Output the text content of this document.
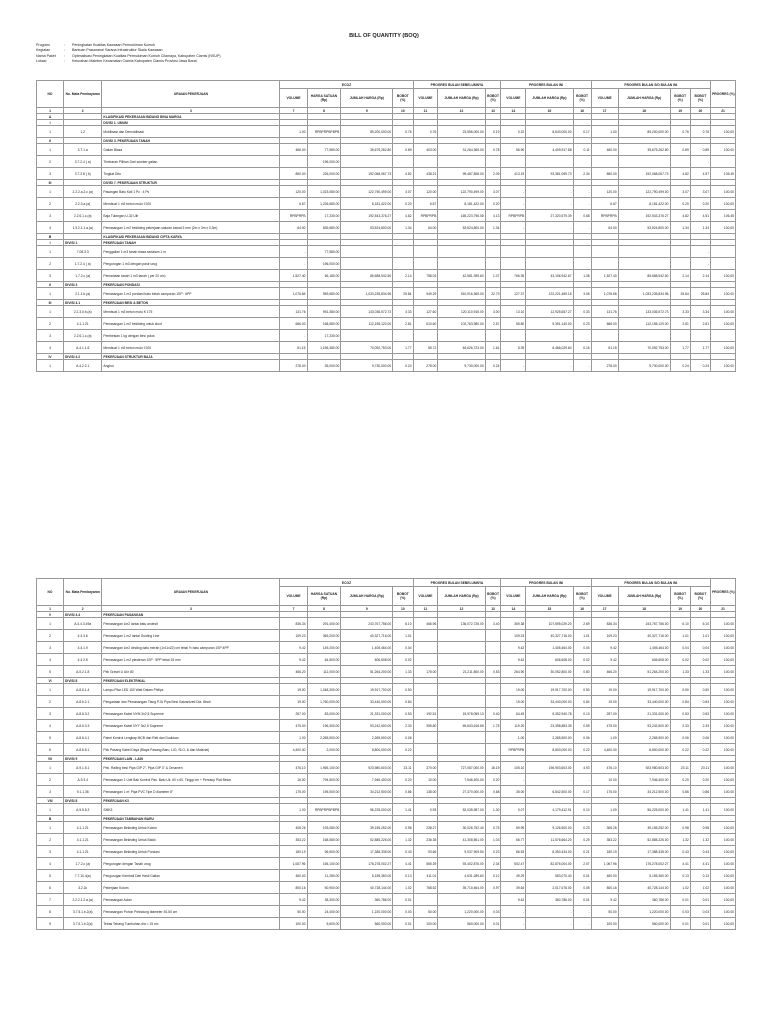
BILL OF QUANTITY (BOQ)
Program	:	Peningkatan Kualitas Kawasan Permukiman Kumuh
Kegiatan	:	Bantuan Prasarana/ Sarana Infrastruktur Skala Kawasan
Nama Paket	:	Optimalisasi Peningkatan Kualitas Permukiman Kumuh Cilamaya, Kabupaten Ciamis (NSUP)
Lokasi	:	Kelurahan Maleber Kecamatan Ciamis Kabupaten Ciamis Provinsi Jawa Barat
NO	No. Mata Pembayaran	URAIAN PEKERJAAN	ECOZ				PROGRES BULAN SEBELUMNYA			PROGRES BULAN INI			PROGRES BULAN S/D BULAN INI				PROGRES (%)
			VOLUME	HARGA SATUAN (Rp)	JUMLAH HARGA (Rp)	BOBOT (%)	VOLUME	JUMLAH HARGA (Rp)	BOBOT (%)	VOLUME	JUMLAH HARGA (Rp)	BOBOT (%)	VOLUME	JUMLAH HARGA (Rp)	BOBOT (%)	BOBOT (%)	
1	2	3	7	8	9	10	11	12	13	14	15	16	17	18	19	20	21
A		KLASIFIKASI PEKERJAAN BIDANG BINA MARGA															
I		DIVISI 1. UMUM															
1	1.2	Mobilisasi dan Demobilisasi	1.00	RPBPRPBPBPB	85,200,000.00	0.76	0.76	23,556,000.00	0.19	0.22	8,643,000.00	0.17	1.00	85,200,000.00	0.76	0.76	100.00
II		DIVISI 3. PEKERJAAN TANAH															
1	3.7.1.a	Galian Biasa	466.00	77,580.00	35,675,262.80	0.89	403.00	31,264,365.00	0.78	56.90	4,409,917.88	0.11	460.00	35,675,262.80	0.89	0.89	100.00
2	3.7.2.4 ( a)	Timbunan Pilihan Dari sumber galian		196,000.00												-	
3	3.7.2.8 ( b)	Tingkat Ditu	850.00	226,000.00	192,068,067.73	4.82	438.21	99,487,808.00	2.09	413.19	93,381,059.73	2.34	850.00	192,068,067.73	4.82	4.57	105.49
III		DIVISI 7. PEKERJAAN STRUKTUR															
1	2.2.2.a.2.c.(a)	Pasangan Batu Kali 1 Pc : 4 Ps	120.00	1,023,080.00	122,790,499.00	3.07	120.00	122,790,499.00	3.07	-	-	-	120.00	122,790,499.00	3.07	3.07	100.00
2	2.2.3.a.(a)	Membuat 1 m3 beton mutu f 200	6.67	1,226,680.00	8,181,422.00	0.20	6.67	8,181,422.00	0.20	-	-	-	6.67	8,181,422.00	0.20	0.20	100.00
3	2.2.6.1.c.(a)	Baja Tulangan U-32 Ulir	RPBPRPB	17,330.00	192,543,376.27	4.82	RPBPRPB	165,223,796.08	4.13	RPBPRPB	27,320,579.39	0.68	RPBPRPB	192,543,376.27	4.82	4.51	106.45
4	1.3.2.1.1.a.(a)	Pemasangan 1 m2 bekisting pekerjaan saluran kawat 3 mm (2m x 3m x 0,3m)	64.00	839,680.00	53,524,800.00	1.34	64.00	53,524,800.00	1.34	-	-	-	64.00	53,524,800.00	1.34	1.34	100.00
B		KLASIFIKASI PEKERJAAN BIDANG CIPTA KARYA															
I	DIVISI 1	PEKERJAAN TANAH															
1	7.08.3.3	Penggalian 1 m3 tanah biasa sedalam 1 m	-	77,580.00												-	
2	1.7.2.4 ( a)	Pengurugan 1 m3 dengan pasir urug	-	196,000.00												-	
3	1.7.2.c (a)	Pemadatan tanah 1 m3 tanah ( per 20 cm)	1,527.40	56,180.00	85,688,542.50	2.14	758.03	42,581,399.60	1.07	766.35	43,106,942.67	1.08	1,527.40	85,688,542.50	2.14	2.14	100.00
II	DIVISI 3	PEKERJAAN PONDASI															
1	2.1.1.b.(a)	Pemasangan 1 m3 pondasi batu belah campuran 1SP : 6PP	1,076.66	959,680.00	1,033,235,834.96	25.84	949.29	910,916,365.00	22.79	127.37	122,221,469.16	3.06	1,076.66	1,033,235,834.96	25.84	25.84	100.00
III	DIVISI 4.1	PEKERJAAN BESI & BETON															
1	2.2.3.0.b.(a)	Membuat 1 m3 beton mutu K 175	131.76	991,380.00	133,036,572.73	3.33	127.60	120,110,915.00	3.00	13.10	12,925,657.27	0.33	131.76	133,036,572.73	3.33	3.34	100.00
2	4.1.1.21	Pemasangan 1 m2 bekisting untuk sloof	666.00	168,580.00	112,155,120.00	2.81	610.60	102,763,980.00	2.57	55.80	9,391,140.00	0.23	666.00	112,155,120.00	2.81	2.81	100.00
3	2.2.6.1.c.(a)	Pembesian 1 kg dengan besi polos	-	17,330.00													
4	A.4.1.1.6	Membuat 1 m3 beton mutu f 200	61.15	1,156,380.00	70,092,753.00	1.77	55.72	64,626,723.00	1.61	5.39	6,466,029.60	0.16	61.15	70,092,753.00	1.77	1.77	100.00
IV	DIVISI 4.2	PEKERJAAN STRUKTUR BAJA															
1	A.4.2.2.1	Angkur	278.00	35,000.00	9,730,000.00	0.24	278.00	9,730,000.00	0.24	-	-	-	278.00	9,730,000.00	0.24	0.24	100.00
NO	No. Mata Pembayaran	URAIAN PEKERJAAN	ECOZ				PROGRES BULAN SEBELUMNYA			PROGRES BULAN INI			PROGRES BULAN S/D BULAN INI				PROGRES (%)
			VOLUME	HARGA SATUAN (Rp)	JUMLAH HARGA (Rp)	BOBOT (%)	VOLUME	JUMLAH HARGA (Rp)	BOBOT (%)	VOLUME	JUMLAH HARGA (Rp)	BOBOT (%)	VOLUME	JUMLAH HARGA (Rp)	BOBOT (%)	BOBOT (%)	
1	2	3	7	8	9	10	11	12	13	14	15	16	17	18	19	20	21
V	DIVISI 4.4	PEKERJAAN PASANGAN															
1	A.4.4.3.49a	Pemasangan 1m2 lantai batu andesit	836.34	291,400.00	243,767,756.00	6.10	466.96	136,072,726.00	3.40	369.38	107,695,029.20	2.69	836.34	243,767,756.00	6.10	6.10	100.00
2	4.4.3.6	Pemasangan 1 m2 lantai Guiding Line	109.23	369,200.00	40,327,716.00	1.01				109.23	40,327,716.00	1.01	109.23	40,327,716.00	1.01	1.01	100.00
3	4.4.1.9	Pemasangan 1m2 dinding batu merah (1x11x22) cm tebal ½ batu campuran 1SP:4PP	9.42	149,200.00	1,405,464.00	0.04				9.42	1,405,464.00	0.04	9.42	1,405,464.00	0.04	0.04	100.00
4	4.4.2.5	Pemasangan 1 m2 plesteran 1SP : 5PP tebal 15 mm	9.42	64,500.00	606,608.00	0.02				9.42	606,608.00	0.02	9.42	606,608.00	0.02	0.02	100.00
5	A.5.2.1.8	Pek Gravel U Ukr 80	466.20	111,000.00	51,264,200.00	1.33	175.00	21,211,800.00	0.53	264.90	30,052,800.00	0.80	466.20	51,264,200.00	1.33	1.33	100.00
VI	DIVISI 8	PEKERJAAN ELEKTRIKAL															
1	A.8.6.1.4	Lampu Pilar LED 100 Watt Dalam Philips	19.00	1,048,300.00	19,917,700.00	0.50				19.00	19,917,700.00	0.50	19.00	19,917,700.00	0.50	0.50	100.00
2	A.8.6.2.1	Pengadaan dan Pemasangan Tiang PJU Pipa Besi Galvanized Dia. 8inch	19.00	1,760,000.00	33,440,000.00	0.84				19.00	33,440,000.00	0.84	19.00	33,440,000.00	0.84	0.84	100.00
3	A.8.6.3.2	Pemasangan Kabel NYM 3x2,5 Supreme	257.00	83,000.00	21,331,000.00	0.53	192.51	15,978,059.13	0.40	64.49	5,352,940.78	0.13	257.00	21,331,000.00	0.53	0.53	100.00
4	A.8.6.3.3	Pemasangan Kabel NYY 3x2,5 Supreme	475.00	196,300.00	93,242,500.00	2.33	355.80	69,843,616.65	1.75	119.20	23,398,883.35	0.59	475.00	93,242,500.00	2.33	2.33	100.00
5	A.8.6.4.1	Panel Kontrol Lengkap MCB dan Relt dan Dudukan	1.00	2,265,500.00	2,265,500.00	0.06				1.00	2,265,500.00	0.06	1.00	2,265,500.00	0.06	0.06	100.00
6	A.8.6.5.1	Pek Pasang Kabel Daya (Biaya Pasang Baru, LIO, SLO, & dan Material)	4,400.00	2,000.00	8,800,000.00	0.22				RPBPRPB	8,800,000.00	0.22	4,400.00	8,800,000.00	0.22	0.22	100.00
VII	DIVISI 9	PEKERJAAN LAIN - LAIN															
1	A.9.1.5.1	Pek. Railing besi Pipa GIP 2", Pipa GIP 3" & Ornamen	476.10	1,965,100.00	923,980,603.00	23.11	370.00	727,087,000.00	18.19	105.10	196,903,603.00	4.93	476.10	923,980,603.00	23.11	23.11	100.00
2	A.9.3.4	Pemasangan 1 Unit Bak Kontrol Pas. Batu Uk. 60 x 60, Tinggi cm + Penutup Plat Beton	16.00	794,500.00	7,946,400.00	0.20	10.00	7,946,400.00	0.20	-	-	-	10.00	7,946,400.00	0.20	0.20	100.00
3	9.1.1.36	Pemasangan 1 m' Pipa PVC Tipe D diameter 8"	175.00	195,500.00	34,212,500.00	0.86	138.00	27,370,000.00	0.68	35.00	6,842,500.00	0.17	175.00	34,212,500.00	0.86	0.86	100.00
VIII	DIVISI 8	PEKERJAAN K3															
1	A.9.5.5.3	SMK3	1.00	RPBPRPBPBPB	56,225,000.00	1.41	0.93	52,035,987.00	1.30	0.07	4,179,412.91	0.10	1.00	56,225,000.00	1.41	1.41	100.00
B		PEKERJAAN TAMBAHAN BARU															
1	4.1.1.21	Pemasangan Bekisting Untuk Kolom	408.26	193,080.00	39,155,252.00	0.98	238.27	30,026,752.40	0.75	69.99	9,126,500.00	0.23	308.26	39,155,252.00	0.98	0.98	100.00
2	4.1.1.21	Pemasangan Bekisting Untuk Balok	353.22	168,580.00	52,885,226.00	1.32	236.35	41,308,561.00	1.03	66.77	11,576,664.20	0.29	353.22	52,885,226.00	1.32	1.32	100.00
3	4.1.1.21	Pemasangan Bekisting Untuk Pondasi	180.19	96,500.00	17,388,335.00	0.43	93.66	9,037,905.50	0.23	86.53	8,350,434.00	0.21	180.19	17,388,335.00	0.43	0.43	100.00
4	1.7.2.c (a)	Pengurugan dengan Tanah urug	1,067.96	165,100.00	176,278,002.27	4.41	565.39	93,402,876.00	2.34	502.47	82,876,004.00	2.07	1,067.96	176,278,002.27	4.41	4.41	100.00
5	7.7.10.4(a)	Pengurugan Kembali Dari Hasil Galian	460.00	11,280.00	5,155,360.00	0.13	411.01	4,631,289.60	0.12	49.29	553,070.40	0.01	460.00	5,155,360.00	0.13	0.13	100.00
6	3.2.2c	Pekerjaan Kolom	800.16	50,900.00	40,728,144.00	1.02	768.52	39,710,464.00	0.97	39.64	2,017,676.00	0.05	800.16	40,728,144.00	1.02	1.02	100.00
7	2.2.2.1.2.a.(a)	Pemasangan Acian	9.42	38,300.00	360,786.00	0.01				9.42	360,786.00	0.01	9.42	360,786.00	0.01	0.01	100.00
8	3.7.5.1.b.2(a)	Pemasangan Pohon Pelindung diameter 30-50 cm	50.00	24,400.00	1,220,000.00	0.03	50.00	1,220,000.00	0.03	-	-	-	50.00	1,220,000.00	0.03	0.03	100.00
9	3.7.5.1.b.2(a)	Tebas Tebang Tumbuhan dia < 15 cm	100.00	5,600.00	560,000.00	0.01	100.00	560,000.00	0.01	-	-	-	100.00	560,000.00	0.01	0.01	100.00
